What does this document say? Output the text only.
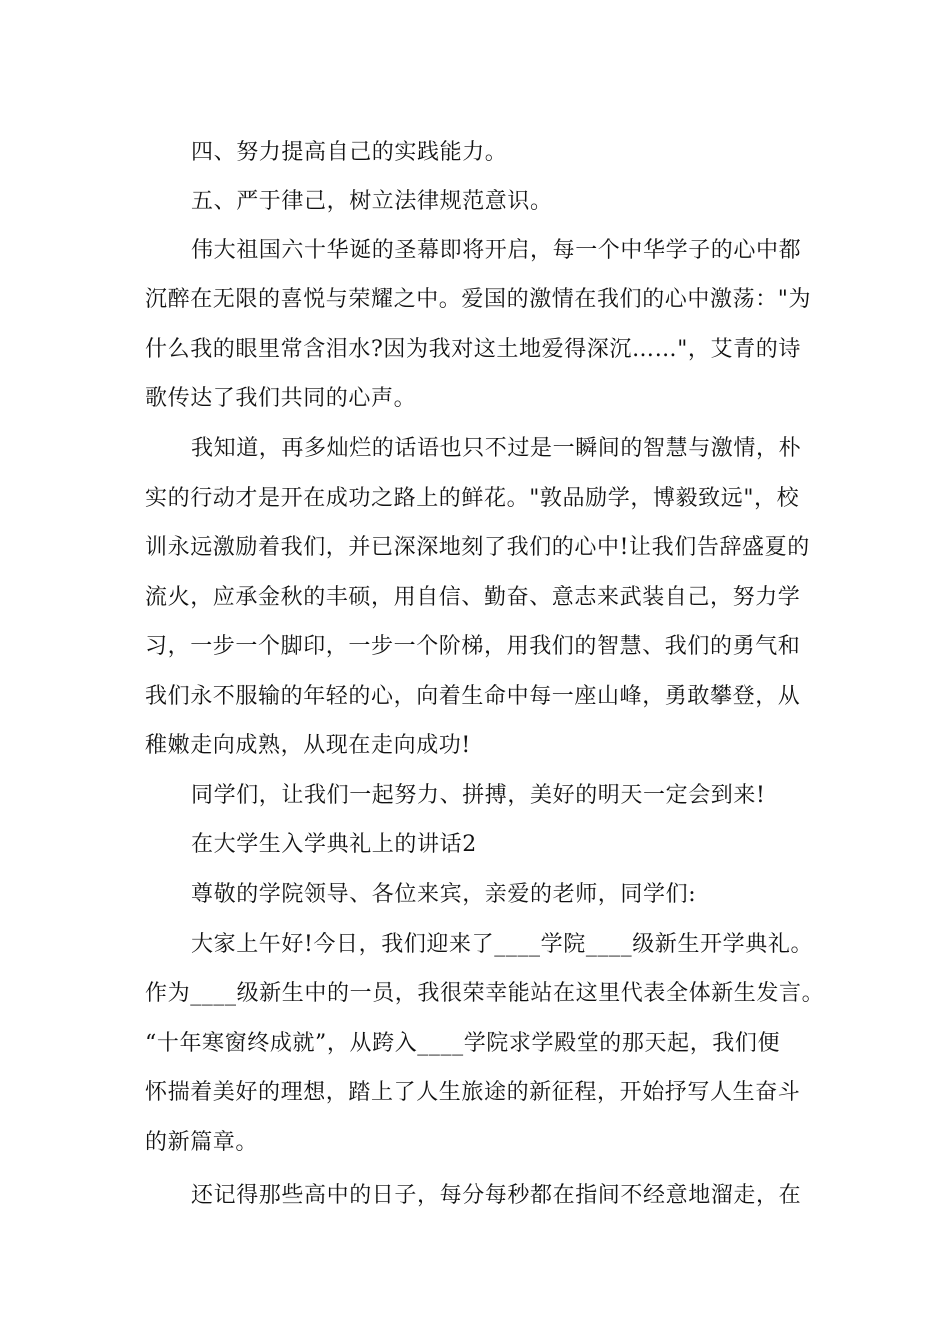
四、努力提高自己的实践能力。

五、严于律己，树立法律规范意识。

伟大祖国六十华诞的圣幕即将开启，每一个中华学子的心中都

沉醉在无限的喜悦与荣耀之中。爱国的激情在我们的心中激荡："为

什么我的眼里常含泪水?因为我对这土地爱得深沉……"，艾青的诗

歌传达了我们共同的心声。

我知道，再多灿烂的话语也只不过是一瞬间的智慧与激情，朴

实的行动才是开在成功之路上的鲜花。"敦品励学，博毅致远"，校

训永远激励着我们，并已深深地刻了我们的心中!让我们告辞盛夏的

流火，应承金秋的丰硕，用自信、勤奋、意志来武装自己，努力学

习，一步一个脚印，一步一个阶梯，用我们的智慧、我们的勇气和

我们永不服输的年轻的心，向着生命中每一座山峰，勇敢攀登，从

稚嫩走向成熟，从现在走向成功!

同学们，让我们一起努力、拼搏，美好的明天一定会到来!

在大学生入学典礼上的讲话2

尊敬的学院领导、各位来宾，亲爱的老师，同学们:

大家上午好!今日，我们迎来了____学院____级新生开学典礼。

作为____级新生中的一员，我很荣幸能站在这里代表全体新生发言。

“十年寒窗终成就”，从跨入____学院求学殿堂的那天起，我们便

怀揣着美好的理想，踏上了人生旅途的新征程，开始抒写人生奋斗

的新篇章。

还记得那些高中的日子，每分每秒都在指间不经意地溜走，在
